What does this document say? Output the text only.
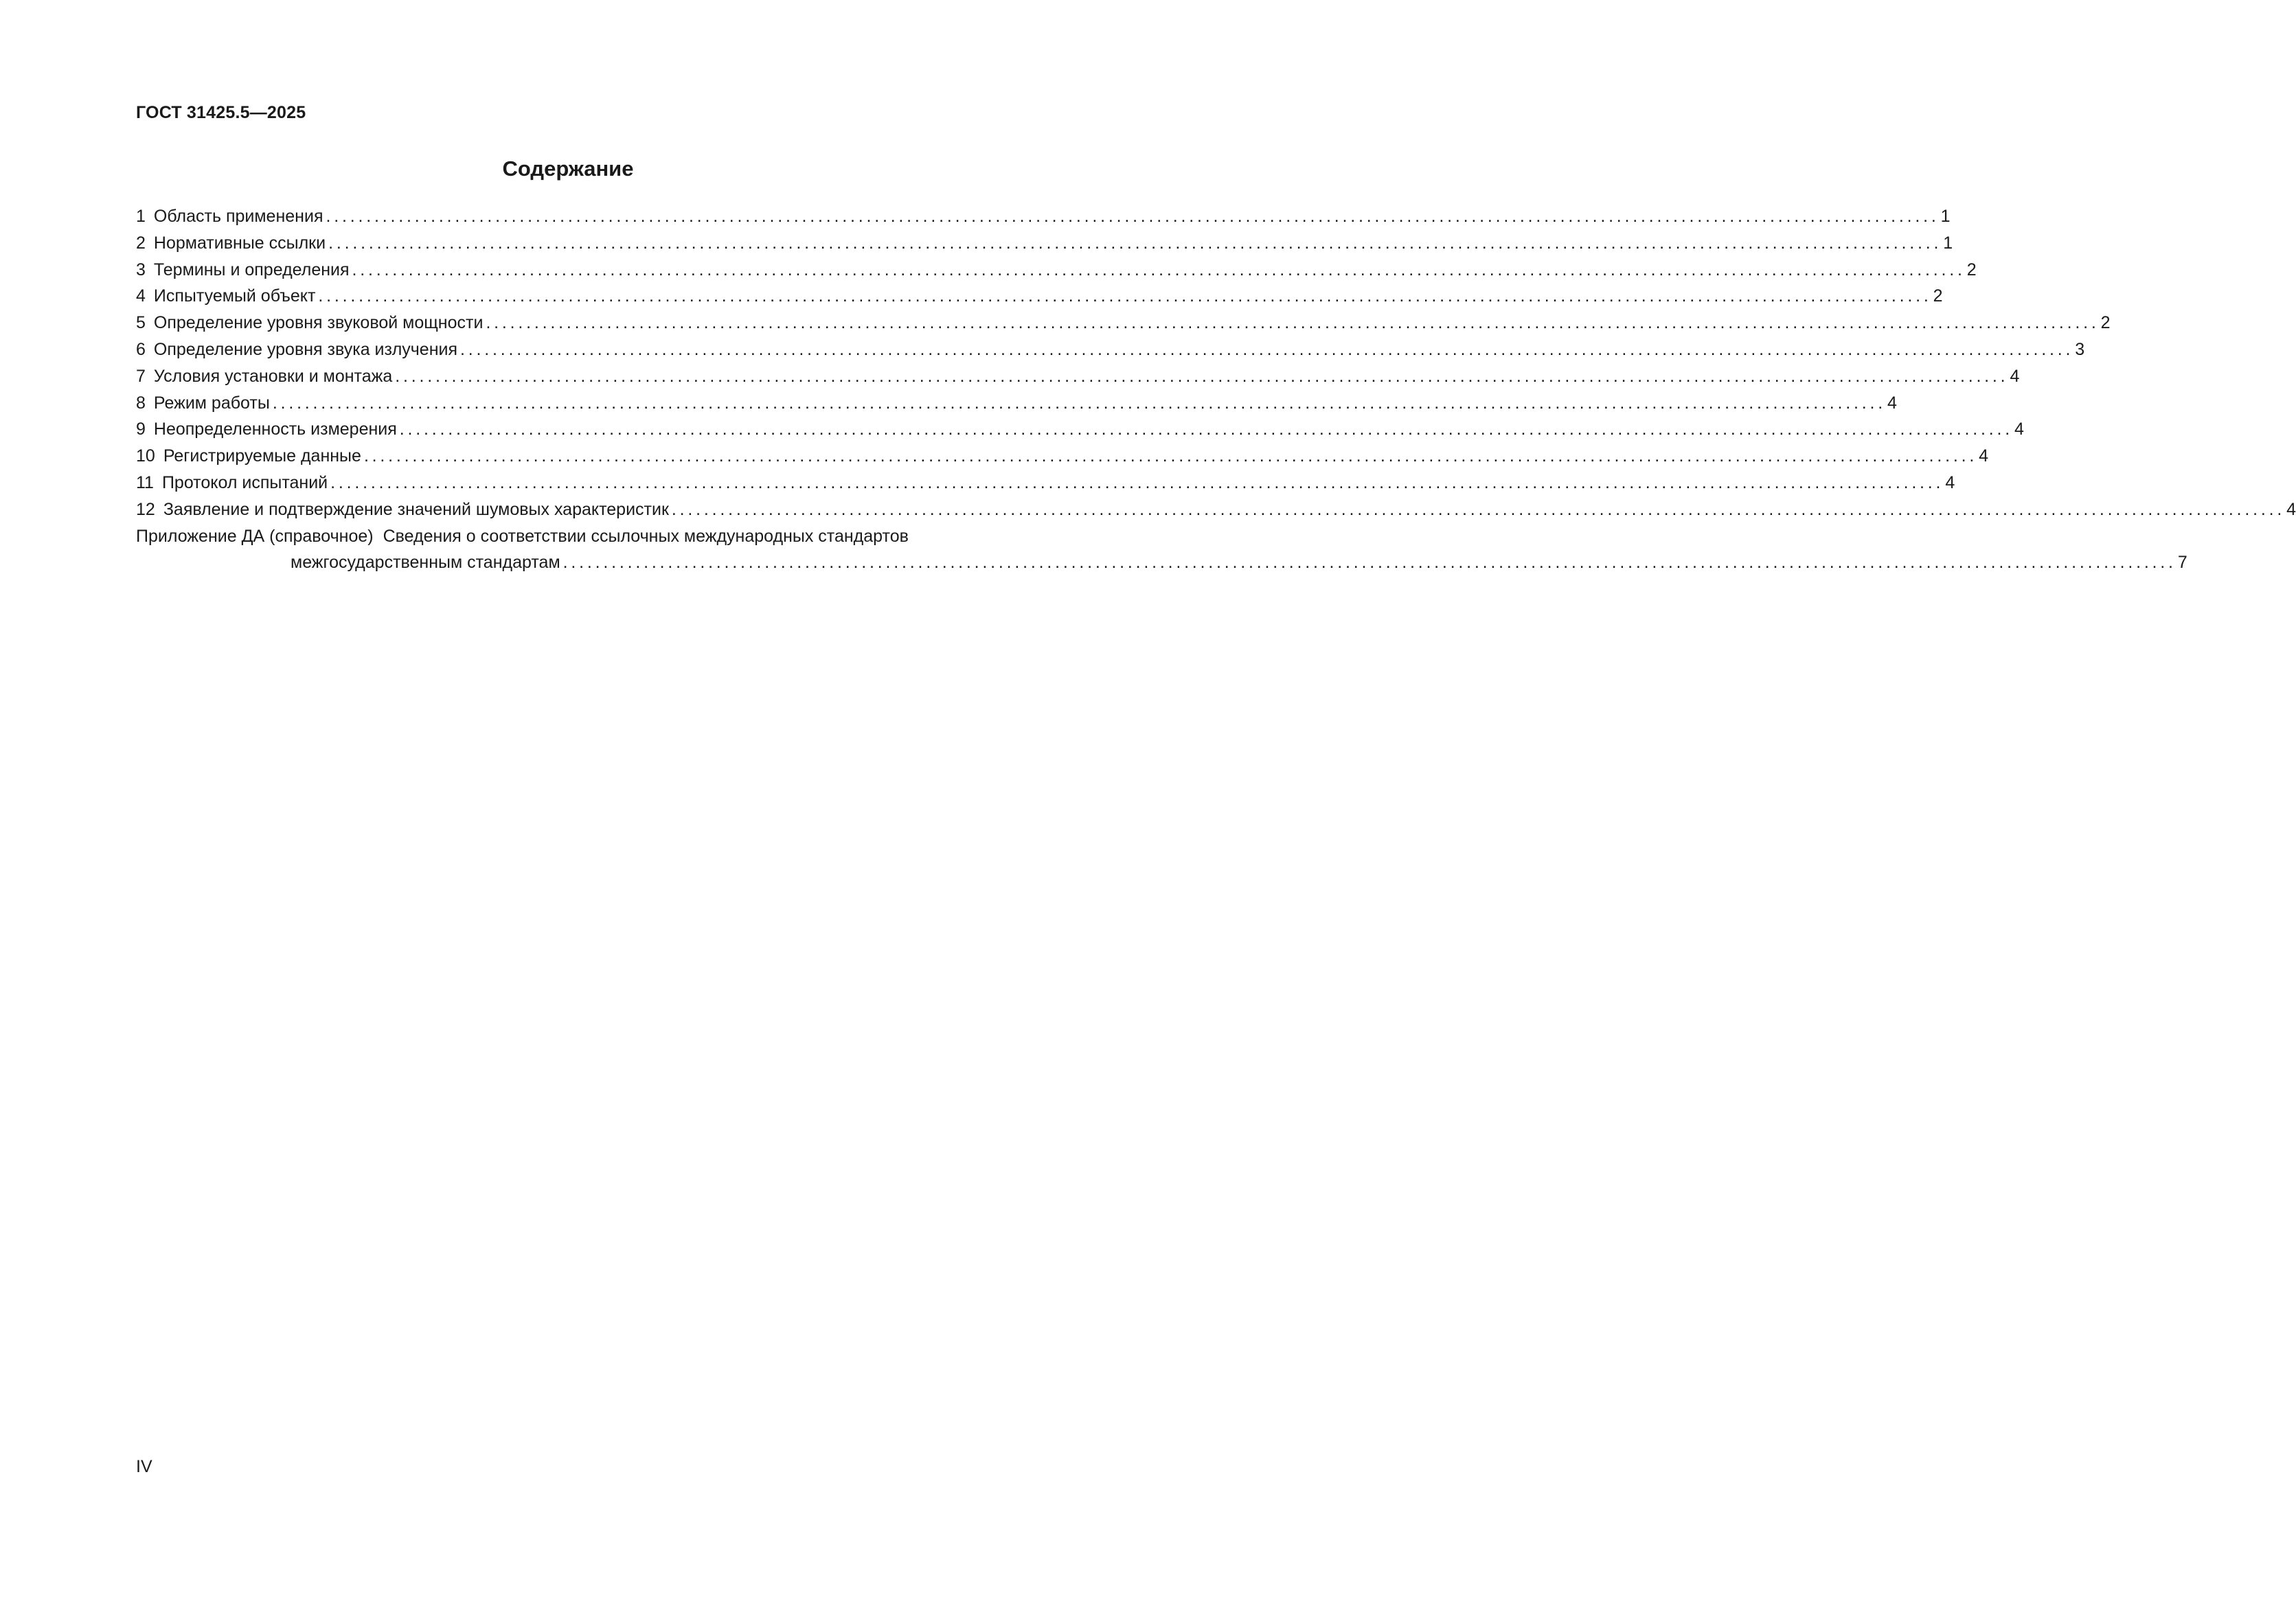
ГОСТ 31425.5—2025
Содержание
1 Область применения ........................................................................................................................................................................................................ 1
2 Нормативные ссылки ........................................................................................................................................................................................................ 1
3 Термины и определения ........................................................................................................................................................................................................ 2
4 Испытуемый объект ........................................................................................................................................................................................................ 2
5 Определение уровня звуковой мощности ........................................................................................................................................................................................................ 2
6 Определение уровня звука излучения ........................................................................................................................................................................................................ 3
7 Условия установки и монтажа ........................................................................................................................................................................................................ 4
8 Режим работы ........................................................................................................................................................................................................ 4
9 Неопределенность измерения ........................................................................................................................................................................................................ 4
10 Регистрируемые данные ........................................................................................................................................................................................................ 4
11 Протокол испытаний ........................................................................................................................................................................................................ 4
12 Заявление и подтверждение значений шумовых характеристик ........................................................................................................................................................................................................ 4
Приложение ДА (справочное) Сведения о соответствии ссылочных международных стандартов
межгосударственным стандартам ........................................................................................................................................................................................................ 7
IV
